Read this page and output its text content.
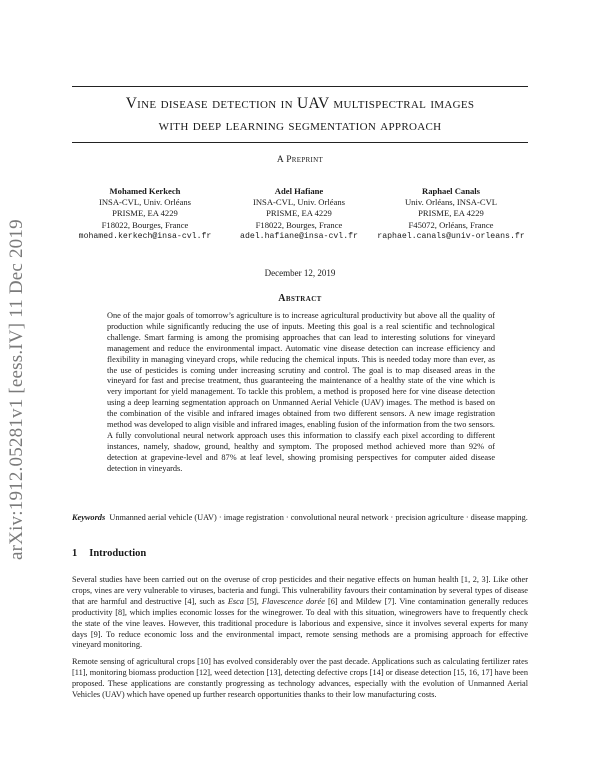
arXiv:1912.05281v1 [eess.IV] 11 Dec 2019
Vine disease detection in UAV multispectral images
with deep learning segmentation approach
A Preprint
Mohamed Kerkech
INSA-CVL, Univ. Orléans
PRISME, EA 4229
F18022, Bourges, France
mohamed.kerkech@insa-cvl.fr
Adel Hafiane
INSA-CVL, Univ. Orléans
PRISME, EA 4229
F18022, Bourges, France
adel.hafiane@insa-cvl.fr
Raphael Canals
Univ. Orléans, INSA-CVL
PRISME, EA 4229
F45072, Orléans, France
raphael.canals@univ-orleans.fr
December 12, 2019
Abstract

One of the major goals of tomorrow’s agriculture is to increase agricultural productivity but above all the quality of production while significantly reducing the use of inputs. Meeting this goal is a real scientific and technological challenge. Smart farming is among the promising approaches that can lead to interesting solutions for vineyard management and reduce the environmental impact. Automatic vine disease detection can increase efficiency and flexibility in managing vineyard crops, while reducing the chemical inputs. This is needed today more than ever, as the use of pesticides is coming under increasing scrutiny and control. The goal is to map diseased areas in the vineyard for fast and precise treatment, thus guaranteeing the maintenance of a healthy state of the vine which is very important for yield management. To tackle this problem, a method is proposed here for vine disease detection using a deep learning segmentation approach on Unmanned Aerial Vehicle (UAV) images. The method is based on the combination of the visible and infrared images obtained from two different sensors. A new image registration method was developed to align visible and infrared images, enabling fusion of the information from the two sensors. A fully convolutional neural network approach uses this information to classify each pixel according to different instances, namely, shadow, ground, healthy and symptom. The proposed method achieved more than 92% of detection at grapevine-level and 87% at leaf level, showing promising perspectives for computer aided disease detection in vineyards.

Keywords Unmanned aerial vehicle (UAV) · image registration · convolutional neural network · precision agriculture · disease mapping.

1 Introduction

Several studies have been carried out on the overuse of crop pesticides and their negative effects on human health [1, 2, 3]. Like other crops, vines are very vulnerable to viruses, bacteria and fungi. This vulnerability favours their contamination by several types of disease that are harmful and destructive [4], such as Esca [5], Flavescence dorée [6] and Mildew [7]. Vine contamination generally reduces productivity [8], which implies economic losses for the winegrower. To deal with this situation, winegrowers have to frequently check the state of the vine leaves. However, this traditional procedure is laborious and expensive, since it involves several experts for many days [9]. To reduce economic loss and the environmental impact, remote sensing methods are a promising approach for effective vineyard monitoring.

Remote sensing of agricultural crops [10] has evolved considerably over the past decade. Applications such as calculating fertilizer rates [11], monitoring biomass production [12], weed detection [13], detecting defective crops [14] or disease detection [15, 16, 17] have been proposed. These applications are constantly progressing as technology advances, especially with the evolution of Unmanned Aerial Vehicles (UAV) which have opened up further research opportunities thanks to their low manufacturing costs.
